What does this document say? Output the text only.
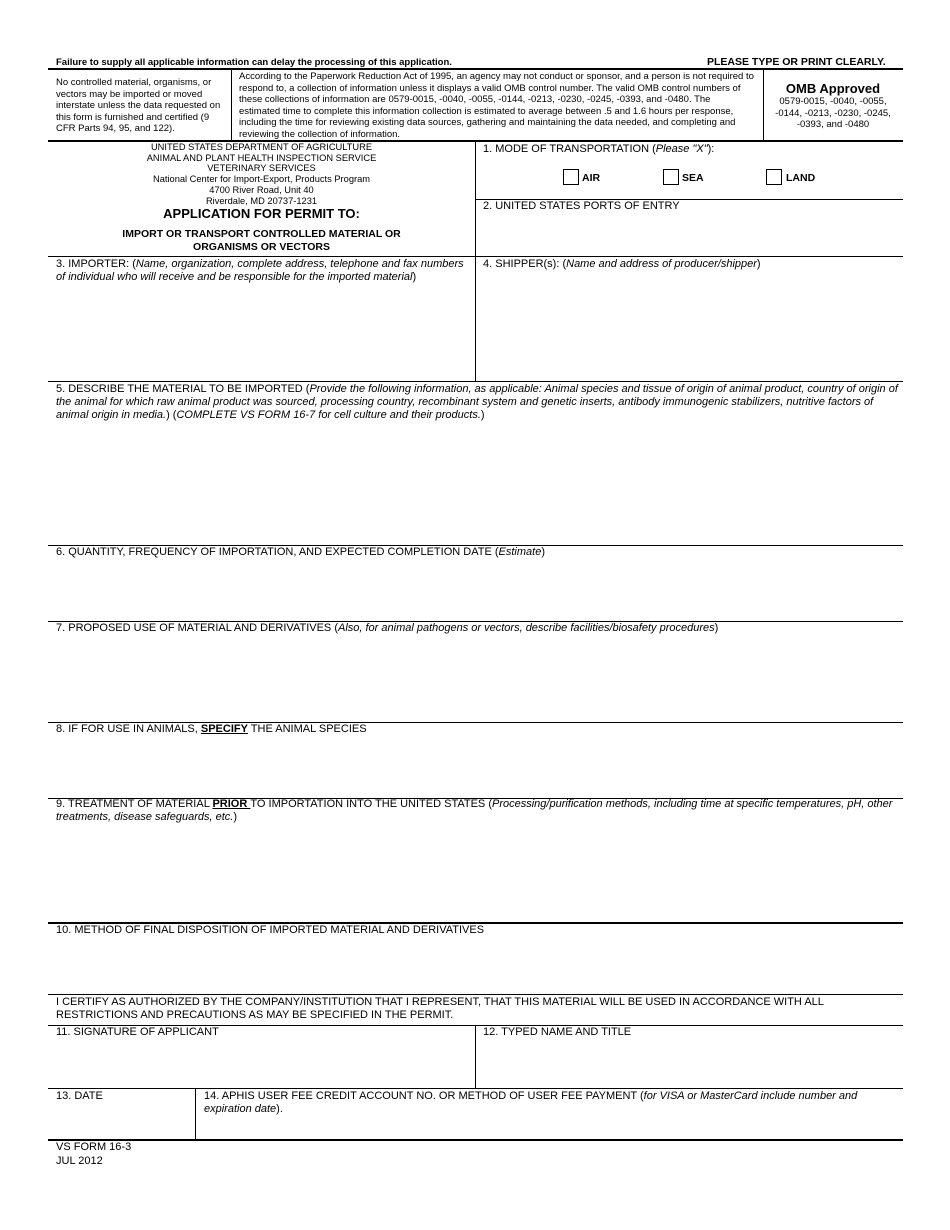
Failure to supply all applicable information can delay the processing of this application.	PLEASE TYPE OR PRINT CLEARLY.
No controlled material, organisms, or vectors may be imported or moved interstate unless the data requested on this form is furnished and certified (9 CFR Parts 94, 95, and 122).
According to the Paperwork Reduction Act of 1995, an agency may not conduct or sponsor, and a person is not required to respond to, a collection of information unless it displays a valid OMB control number. The valid OMB control numbers of these collections of information are 0579-0015, -0040, -0055, -0144, -0213, -0230, -0245, -0393, and -0480. The estimated time to complete this information collection is estimated to average between .5 and 1.6 hours per response, including the time for reviewing existing data sources, gathering and maintaining the data needed, and completing and reviewing the collection of information.
OMB Approved
0579-0015, -0040, -0055, -0144, -0213, -0230, -0245, -0393, and -0480
UNITED STATES DEPARTMENT OF AGRICULTURE
ANIMAL AND PLANT HEALTH INSPECTION SERVICE
VETERINARY SERVICES
National Center for Import-Export, Products Program
4700 River Road, Unit 40
Riverdale, MD 20737-1231
APPLICATION FOR PERMIT TO:
IMPORT OR TRANSPORT CONTROLLED MATERIAL OR
ORGANISMS OR VECTORS
1. MODE OF TRANSPORTATION (Please "X"):
AIR	SEA	LAND
2. UNITED STATES PORTS OF ENTRY
3. IMPORTER: (Name, organization, complete address, telephone and fax numbers of individual who will receive and be responsible for the imported material)
4. SHIPPER(s): (Name and address of producer/shipper)
5. DESCRIBE THE MATERIAL TO BE IMPORTED (Provide the following information, as applicable: Animal species and tissue of origin of animal product, country of origin of the animal for which raw animal product was sourced, processing country, recombinant system and genetic inserts, antibody immunogenic stabilizers, nutritive factors of animal origin in media.) (COMPLETE VS FORM 16-7 for cell culture and their products.)
6. QUANTITY, FREQUENCY OF IMPORTATION, AND EXPECTED COMPLETION DATE (Estimate)
7. PROPOSED USE OF MATERIAL AND DERIVATIVES (Also, for animal pathogens or vectors, describe facilities/biosafety procedures)
8. IF FOR USE IN ANIMALS, SPECIFY THE ANIMAL SPECIES
9. TREATMENT OF MATERIAL PRIOR TO IMPORTATION INTO THE UNITED STATES (Processing/purification methods, including time at specific temperatures, pH, other treatments, disease safeguards, etc.)
10. METHOD OF FINAL DISPOSITION OF IMPORTED MATERIAL AND DERIVATIVES
I CERTIFY AS AUTHORIZED BY THE COMPANY/INSTITUTION THAT I REPRESENT, THAT THIS MATERIAL WILL BE USED IN ACCORDANCE WITH ALL RESTRICTIONS AND PRECAUTIONS AS MAY BE SPECIFIED IN THE PERMIT.
11. SIGNATURE OF APPLICANT	12. TYPED NAME AND TITLE
13. DATE	14. APHIS USER FEE CREDIT ACCOUNT NO. OR METHOD OF USER FEE PAYMENT (for VISA or MasterCard include number and expiration date).
VS FORM 16-3
JUL 2012
